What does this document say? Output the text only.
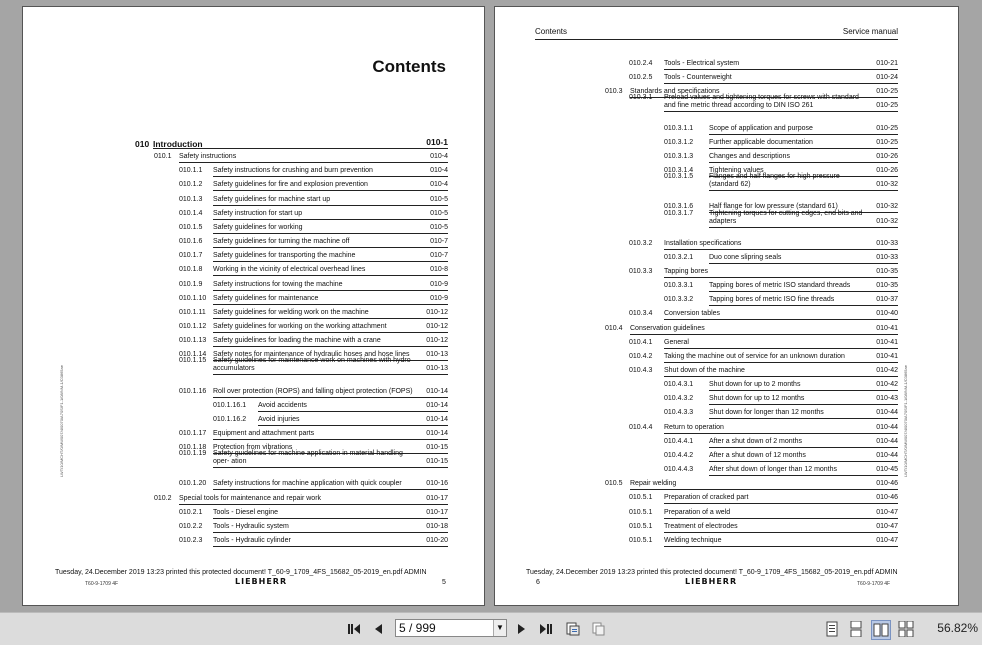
Contents
010 Introduction	010-1
010.1 Safety instructions	010-4
010.1.1 Safety instructions for crushing and burn prevention	010-4
010.1.2 Safety guidelines for fire and explosion prevention	010-4
010.1.3 Safety guidelines for machine start up	010-5
010.1.4 Safety instruction for start up	010-5
010.1.5 Safety guidelines for working	010-5
010.1.6 Safety guidelines for turning the machine off	010-7
010.1.7 Safety guidelines for transporting the machine	010-7
010.1.8 Working in the vicinity of electrical overhead lines	010-8
010.1.9 Safety instructions for towing the machine	010-9
010.1.10 Safety guidelines for maintenance	010-9
010.1.11 Safety guidelines for welding work on the machine	010-12
010.1.12 Safety guidelines for working on the working attachment	010-12
010.1.13 Safety guidelines for loading the machine with a crane	010-12
010.1.14 Safety notes for maintenance of hydraulic hoses and hose lines	010-13
010.1.15 Safety guidelines for maintenance work on machines with hydro accumulators	010-13
010.1.16 Roll over protection (ROPS) and falling object protection (FOPS)	010-14
010.1.16.1 Avoid accidents	010-14
010.1.16.2 Avoid injuries	010-14
010.1.17 Equipment and attachment parts	010-14
010.1.18 Protection from vibrations	010-15
010.1.19 Safety guidelines for machine application in material handling oper- ation	010-15
010.1.20 Safety instructions for machine application with quick coupler	010-16
010.2 Special tools for maintenance and repair work	010-17
010.2.1 Tools - Diesel engine	010-17
010.2.2 Tools - Hydraulic system	010-18
010.2.3 Tools - Hydraulic cylinder	010-20
LWT/10/MCHT/0/MW007/4/0070/A70S/F1-1/08/NM-1/C0865ae
Tuesday, 24.December 2019 13:23 printed this protected document! T_60-9_1709_4FS_15682_05-2019_en.pdf ADMIN
T60-9-1709 4F	LIEBHERR	5
Contents	Service manual
010.2.4 Tools - Electrical system	010-21
010.2.5 Tools - Counterweight	010-24
010.3 Standards and specifications	010-25
010.3.1 Preload values and tightening torques for screws with standard and fine metric thread according to DIN ISO 261	010-25
010.3.1.1 Scope of application and purpose	010-25
010.3.1.2 Further applicable documentation	010-25
010.3.1.3 Changes and descriptions	010-26
010.3.1.4 Tightening values	010-26
010.3.1.5 Flanges and half flanges for high pressure (standard 62)	010-32
010.3.1.6 Half flange for low pressure (standard 61)	010-32
010.3.1.7 Tightening torques for cutting edges, end bits and adapters	010-32
010.3.2 Installation specifications	010-33
010.3.2.1 Duo cone slipring seals	010-33
010.3.3 Tapping bores	010-35
010.3.3.1 Tapping bores of metric ISO standard threads	010-35
010.3.3.2 Tapping bores of metric ISO fine threads	010-37
010.3.4 Conversion tables	010-40
010.4 Conservation guidelines	010-41
010.4.1 General	010-41
010.4.2 Taking the machine out of service for an unknown duration	010-41
010.4.3 Shut down of the machine	010-42
010.4.3.1 Shut down for up to 2 months	010-42
010.4.3.2 Shut down for up to 12 months	010-43
010.4.3.3 Shut down for longer than 12 months	010-44
010.4.4 Return to operation	010-44
010.4.4.1 After a shut down of 2 months	010-44
010.4.4.2 After a shut down of 12 months	010-44
010.4.4.3 After shut down of longer than 12 months	010-45
010.5 Repair welding	010-46
010.5.1 Preparation of cracked part	010-46
010.5.1 Preparation of a weld	010-47
010.5.1 Treatment of electrodes	010-47
010.5.1 Welding technique	010-47
LWT/10/MCHT/0/MW007/4/0070/A70S/F1-1/08/NM-1/C0865ae
Tuesday, 24.December 2019 13:23 printed this protected document! T_60-9_1709_4FS_15682_05-2019_en.pdf ADMIN
6	LIEBHERR	T60-9-1709 4F
5 / 999	▼	56.82%
